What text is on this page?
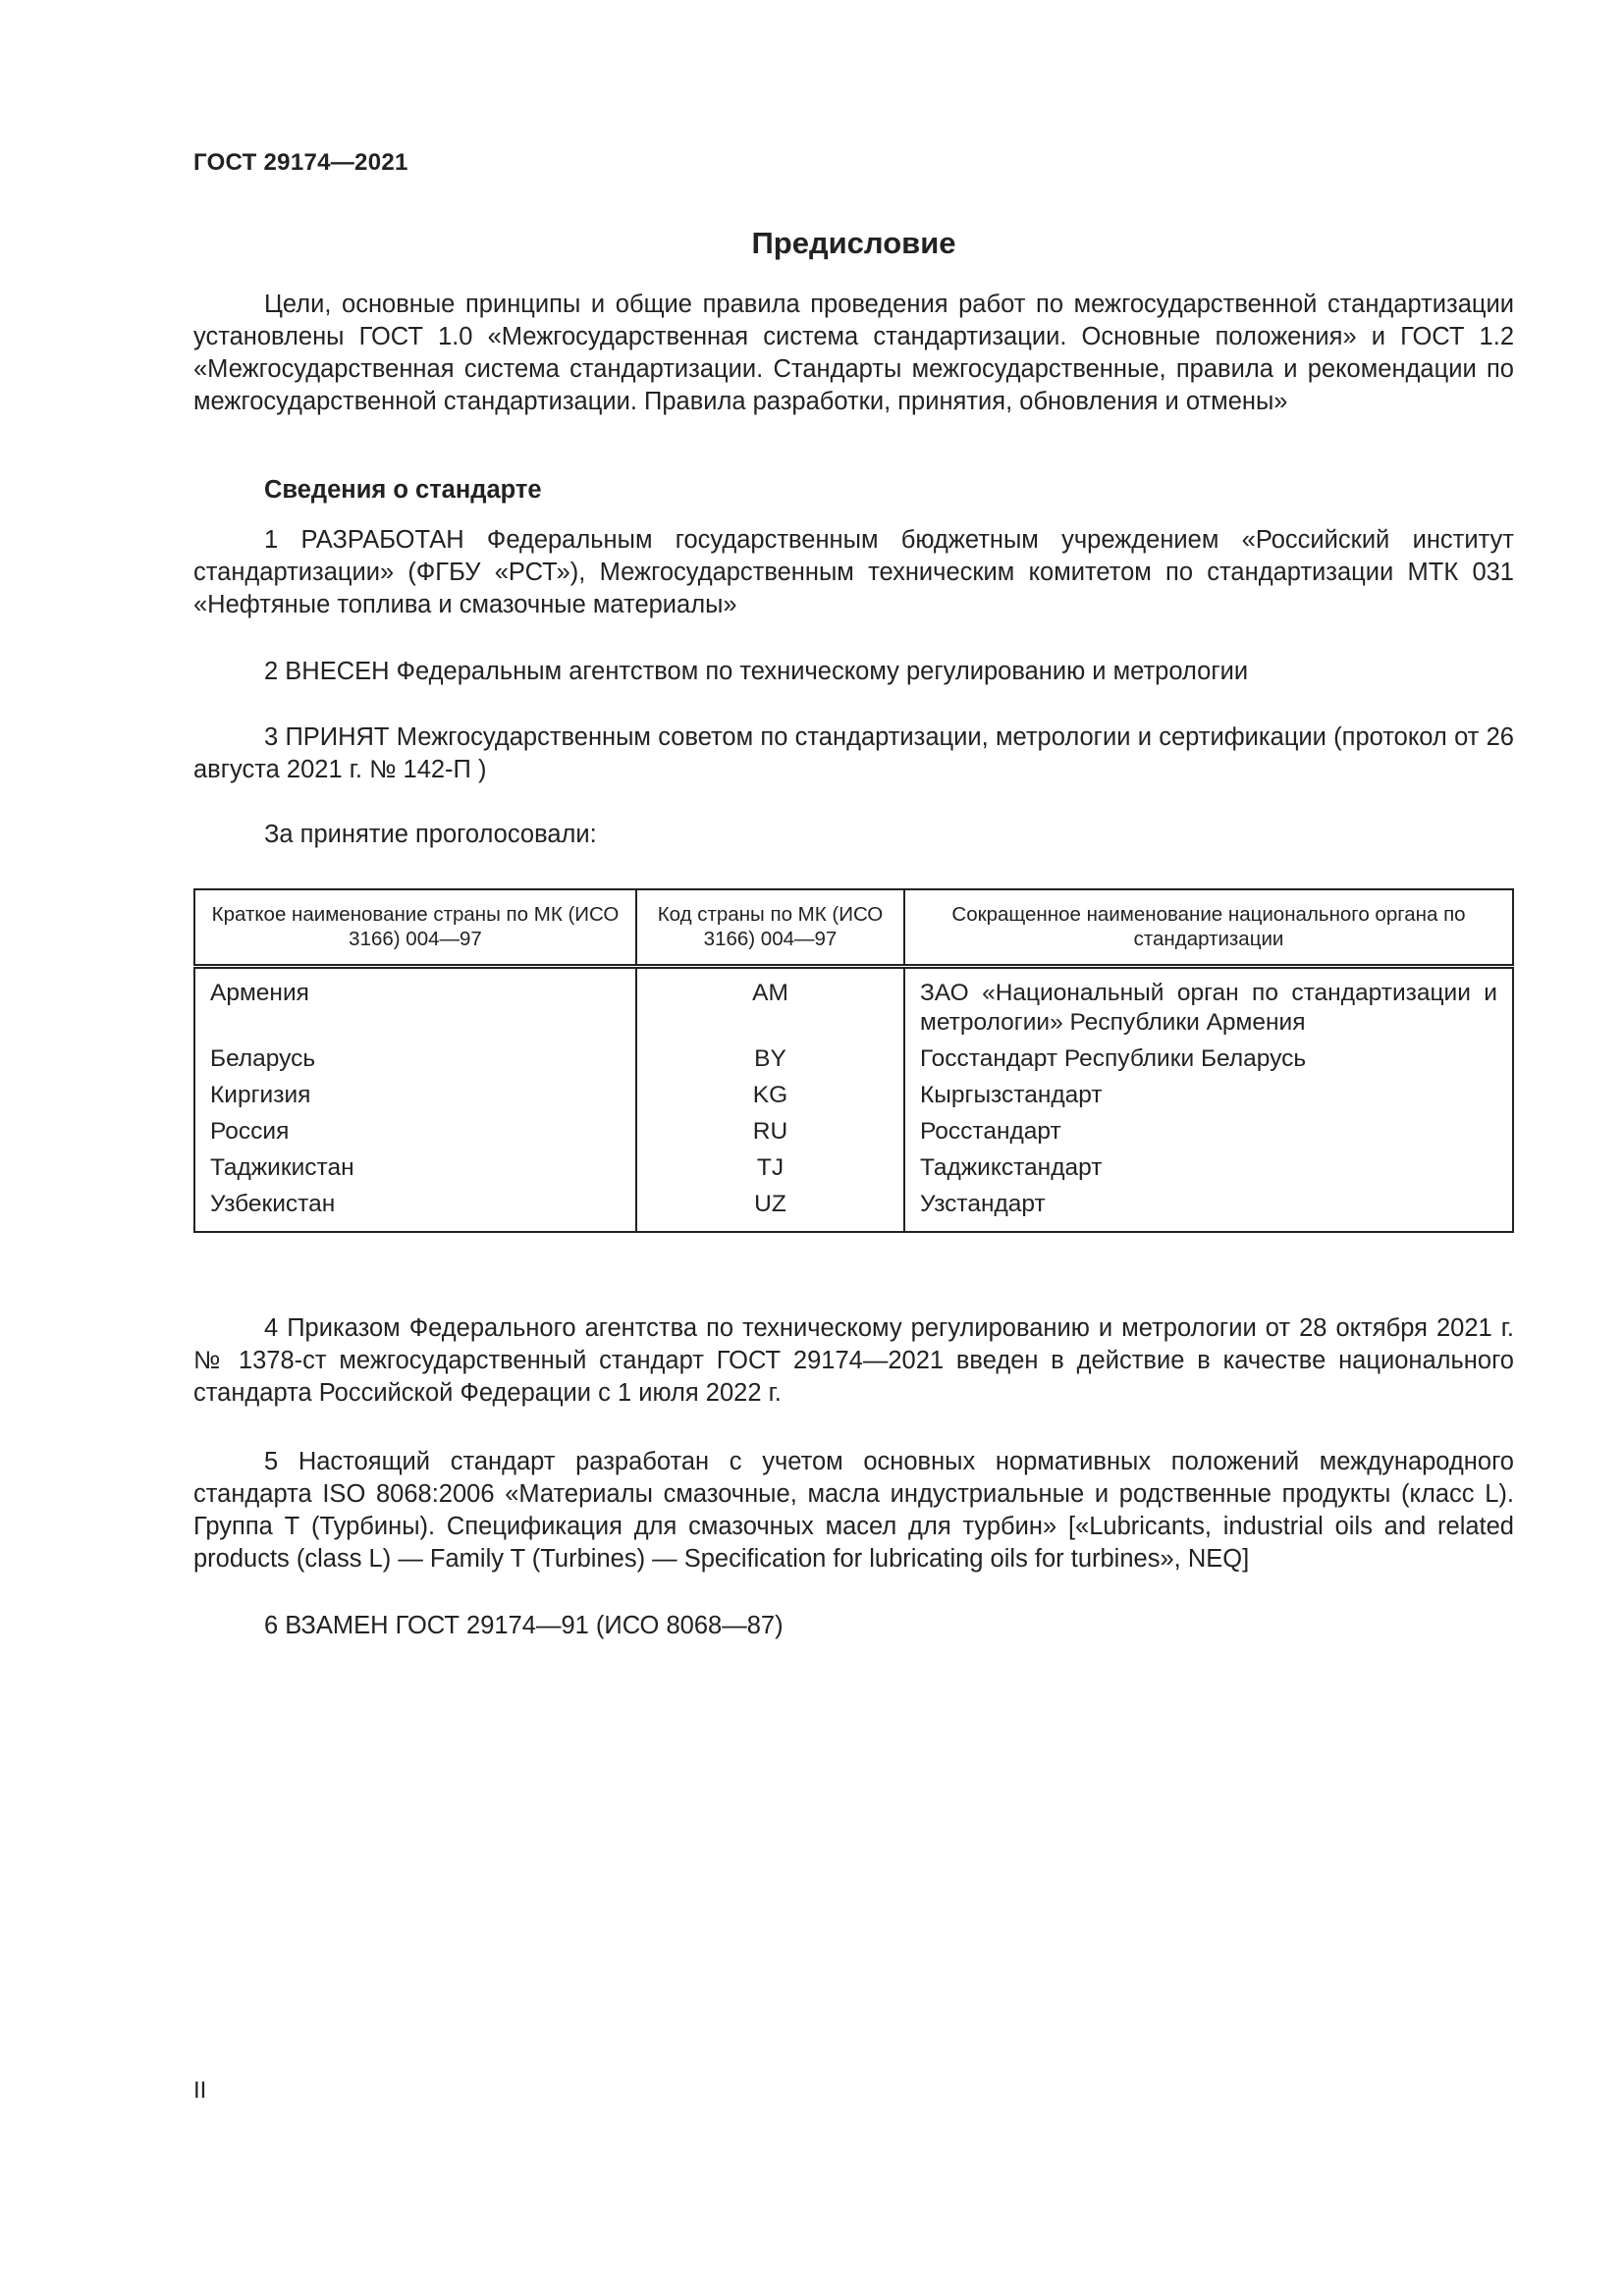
ГОСТ 29174—2021
Предисловие

Цели, основные принципы и общие правила проведения работ по межгосударственной стандартизации установлены ГОСТ 1.0 «Межгосударственная система стандартизации. Основные положения» и ГОСТ 1.2 «Межгосударственная система стандартизации. Стандарты межгосударственные, правила и рекомендации по межгосударственной стандартизации. Правила разработки, принятия, обновления и отмены»

Сведения о стандарте

1 РАЗРАБОТАН Федеральным государственным бюджетным учреждением «Российский институт стандартизации» (ФГБУ «РСТ»), Межгосударственным техническим комитетом по стандартизации МТК 031 «Нефтяные топлива и смазочные материалы»

2 ВНЕСЕН Федеральным агентством по техническому регулированию и метрологии

3 ПРИНЯТ Межгосударственным советом по стандартизации, метрологии и сертификации (протокол от 26 августа 2021 г. № 142-П )

За принятие проголосовали:
Краткое наименование страны по МК (ИСО 3166) 004—97	Код страны по МК (ИСО 3166) 004—97	Сокращенное наименование национального органа по стандартизации
Армения	AM	ЗАО «Национальный орган по стандартизации и метрологии» Республики Армения
Беларусь	BY	Госстандарт Республики Беларусь
Киргизия	KG	Кыргызстандарт
Россия	RU	Росстандарт
Таджикистан	TJ	Таджикстандарт
Узбекистан	UZ	Узстандарт

4 Приказом Федерального агентства по техническому регулированию и метрологии от 28 октября 2021 г. № 1378-ст межгосударственный стандарт ГОСТ 29174—2021 введен в действие в качестве национального стандарта Российской Федерации с 1 июля 2022 г.

5 Настоящий стандарт разработан с учетом основных нормативных положений международного стандарта ISO 8068:2006 «Материалы смазочные, масла индустриальные и родственные продукты (класс L). Группа Т (Турбины). Спецификация для смазочных масел для турбин» [«Lubricants, industrial oils and related products (class L) — Family T (Turbines) — Specification for lubricating oils for turbines», NEQ]

6 ВЗАМЕН ГОСТ 29174—91 (ИСО 8068—87)

II
